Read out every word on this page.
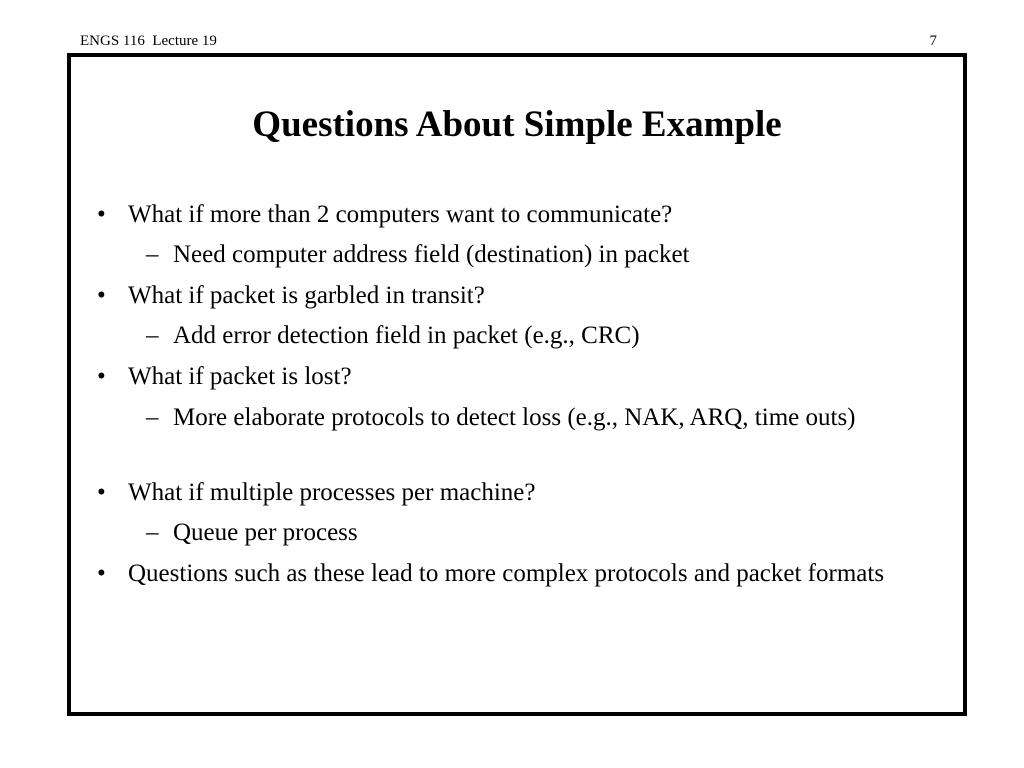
ENGS 116  Lecture 19	7
Questions About Simple Example
• What if more than 2 computers want to communicate?
– Need computer address field (destination) in packet
• What if packet is garbled in transit?
– Add error detection field in packet (e.g., CRC)
• What if packet is lost?
– More elaborate protocols to detect loss (e.g., NAK, ARQ, time outs)
• What if multiple processes per machine?
– Queue per process
• Questions such as these lead to more complex protocols and packet formats
